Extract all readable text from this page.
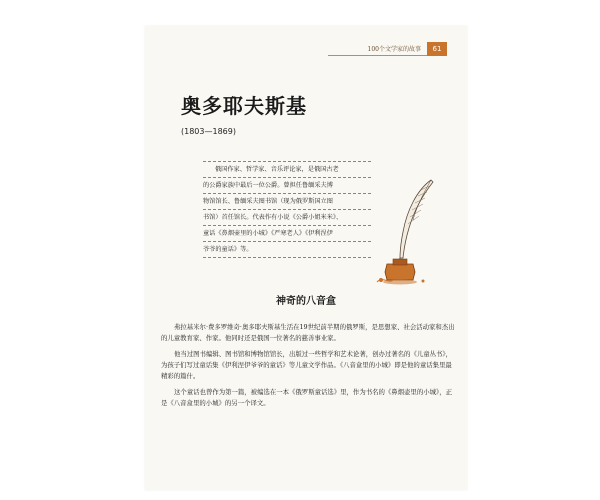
100个文学家的故事	61
奥多耶夫斯基
(1803—1869)
俄国作家、哲学家、音乐评论家，是俄国古老
的公爵家族中最后一位公爵。曾担任鲁缅采夫博
物馆馆长、鲁缅采夫图书馆（现为俄罗斯国立图
书馆）首任馆长。代表作有小说《公爵小姐米米》、
童话《鼻烟壶里的小城》《严寒老人》《伊利涅伊
爷爷的童话》等。
神奇的八音盒

弗拉基米尔·费多罗维奇·奥多耶夫斯基生活在19世纪前半期的俄罗斯，是思想家、社会活动家和杰出的儿童教育家、作家。他同时还是俄国一位著名的慈善事业家。

他当过图书编辑、图书馆和博物馆馆长，出版过一些哲学和艺术论著，创办过著名的《儿童丛书》，为孩子们写过童话集《伊利涅伊爷爷的童话》等儿童文学作品。《八音盒里的小城》即是他的童话集里最精彩的篇什。

这个童话也曾作为第一篇，被编选在一本《俄罗斯童话选》里，作为书名的《鼻烟壶里的小城》，正是《八音盒里的小城》的另一个译文。
